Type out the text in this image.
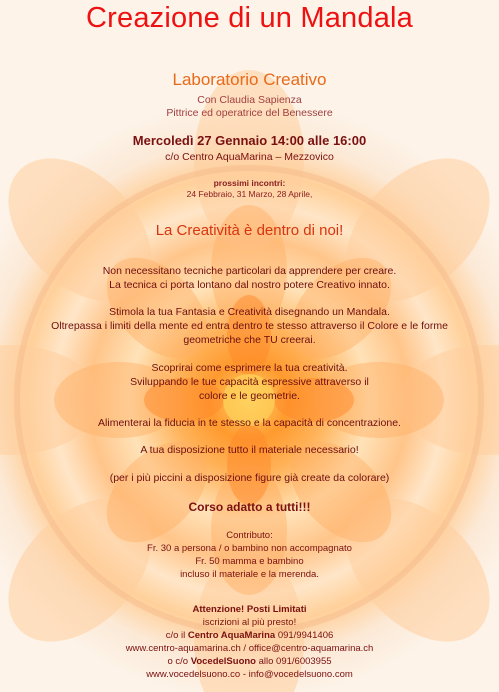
Creazione di un Mandala
Laboratorio Creativo
Con Claudia Sapienza
Pittrice ed operatrice del Benessere
Mercoledì 27 Gennaio 14:00 alle 16:00
c/o Centro AquaMarina – Mezzovico
prossimi incontri:
24 Febbraio, 31 Marzo, 28 Aprile,
La Creatività è dentro di noi!
Non necessitano tecniche particolari da apprendere per creare.
La tecnica ci porta lontano dal nostro potere Creativo innato.
Stimola la tua Fantasia e Creatività disegnando un Mandala.
Oltrepassa i limiti della mente ed entra dentro te stesso attraverso il Colore e le forme
geometriche che TU creerai.
Scoprirai come esprimere la tua creatività.
Sviluppando le tue capacità espressive attraverso il
colore e le geometrie.
Alimenterai la fiducia in te stesso e la capacità di concentrazione.
A tua disposizione tutto il materiale necessario!
(per i più piccini a disposizione figure già create da colorare)
Corso adatto a tutti!!!
Contributo:
Fr. 30 a persona / o bambino non accompagnato
Fr. 50 mamma e bambino
incluso il materiale e la merenda.
Attenzione! Posti Limitati
iscrizioni al più presto!
c/o il Centro AquaMarina 091/9941406
www.centro-aquamarina.ch / office@centro-aquamarina.ch
o c/o VocedelSuono allo 091/6003955
www.vocedelsuono.co - info@vocedelsuono.com
